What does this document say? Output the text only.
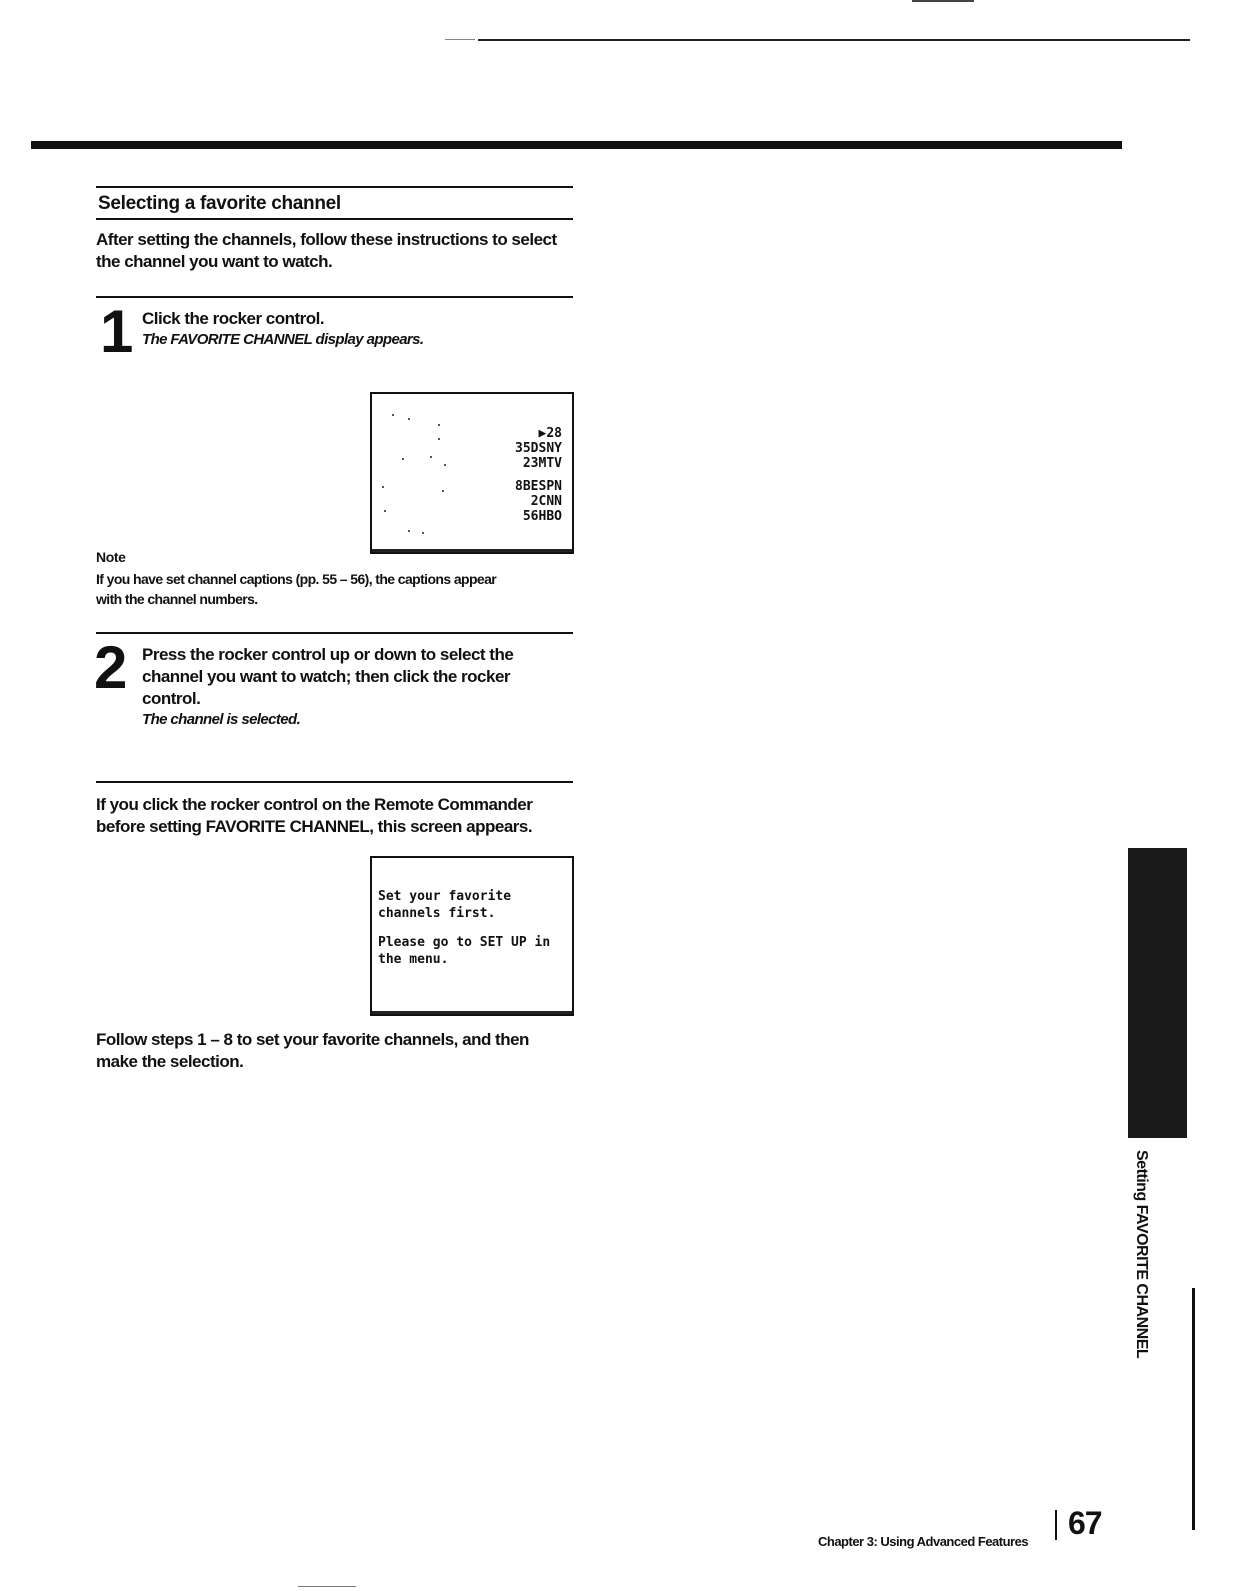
Selecting a favorite channel
After setting the channels, follow these instructions to select
the channel you want to watch.
1 Click the rocker control.
The FAVORITE CHANNEL display appears.
▶28
35DSNY
23MTV
8BESPN
2CNN
56HBO
Note
If you have set channel captions (pp. 55 – 56), the captions appear
with the channel numbers.
2 Press the rocker control up or down to select the
channel you want to watch; then click the rocker
control.
The channel is selected.
If you click the rocker control on the Remote Commander
before setting FAVORITE CHANNEL, this screen appears.
Set your favorite
channels first.
Please go to SET UP in
the menu.
Follow steps 1 – 8 to set your favorite channels, and then
make the selection.
Setting FAVORITE CHANNEL
Chapter 3: Using Advanced Features
67
